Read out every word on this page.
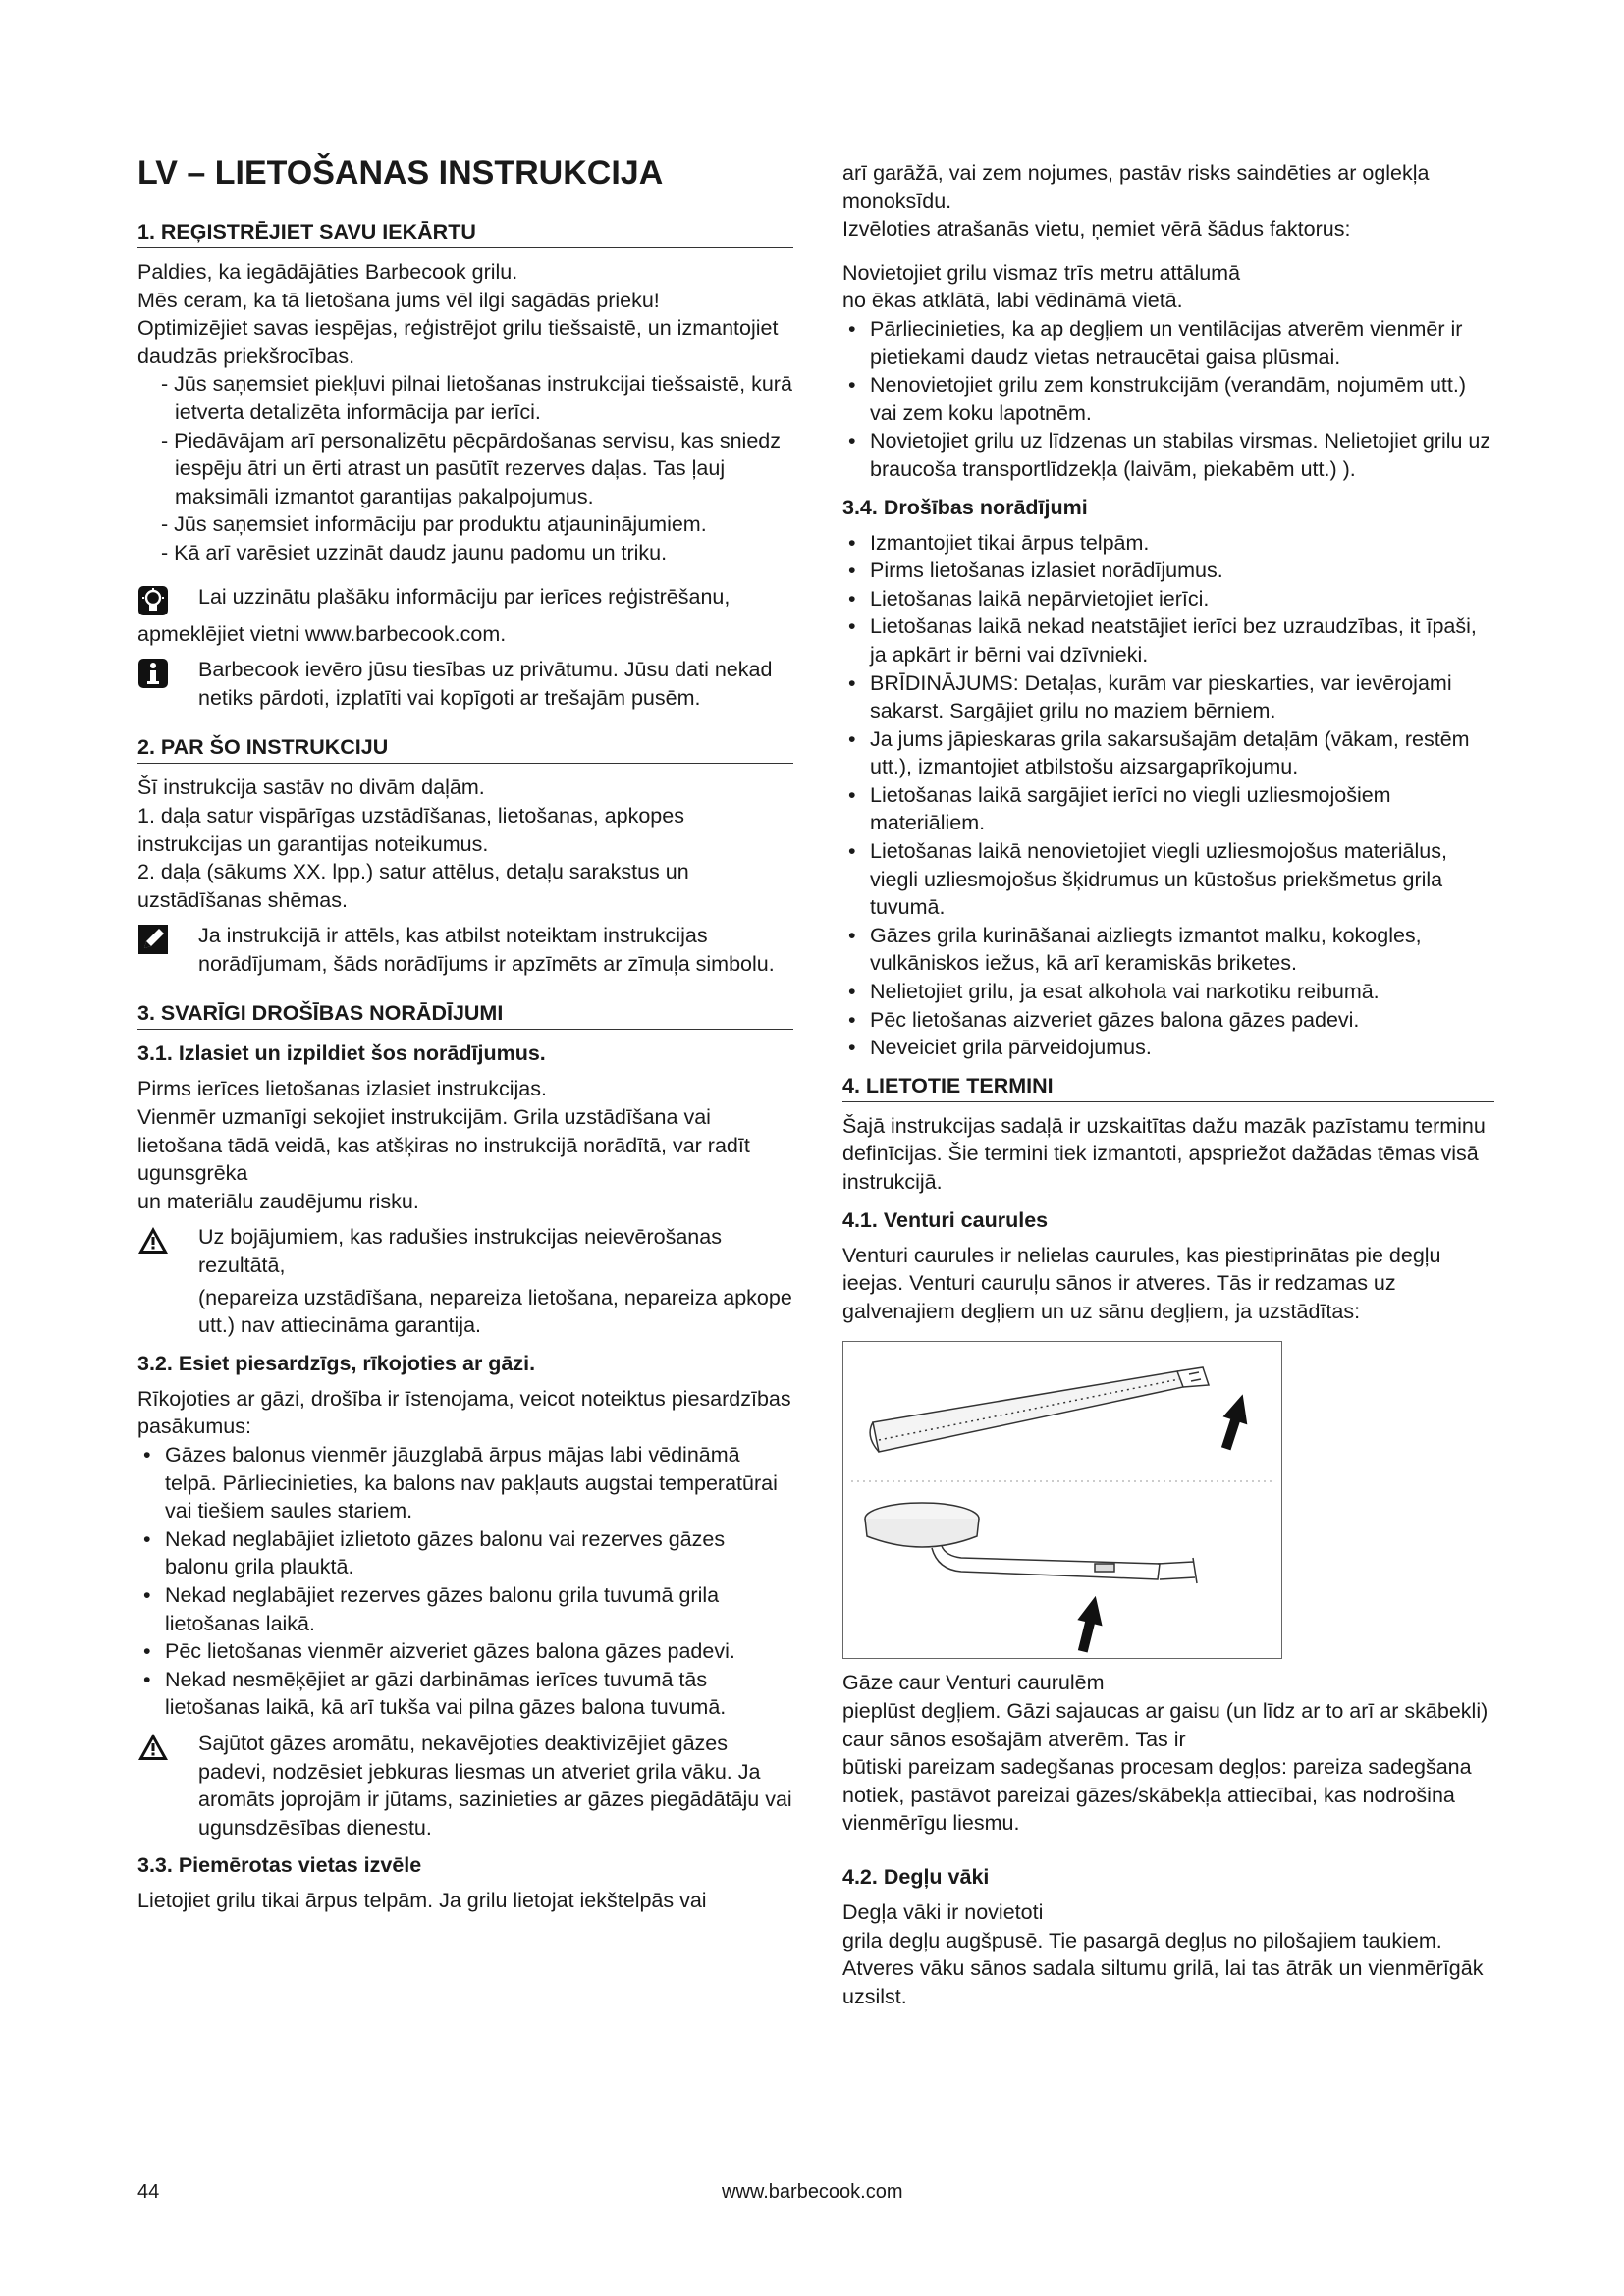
LV – LIETOŠANAS INSTRUKCIJA
1. REĢISTRĒJIET SAVU IEKĀRTU

Paldies, ka iegādājāties Barbecook grilu.

Mēs ceram, ka tā lietošana jums vēl ilgi sagādās prieku!

Optimizējiet savas iespējas, reģistrējot grilu tiešsaistē, un izmantojiet daudzās priekšrocības.

- Jūs saņemsiet piekļuvi pilnai lietošanas instrukcijai tiešsaistē, kurā ietverta detalizēta informācija par ierīci.
- Piedāvājam arī personalizētu pēcpārdošanas servisu, kas sniedz iespēju ātri un ērti atrast un pasūtīt rezerves daļas. Tas ļauj maksimāli izmantot garantijas pakalpojumus.
- Jūs saņemsiet informāciju par produktu atjauninājumiem.
- Kā arī varēsiet uzzināt daudz jaunu padomu un triku.
Lai uzzinātu plašāku informāciju par ierīces reģistrēšanu,

apmeklējiet vietni www.barbecook.com.

Barbecook ievēro jūsu tiesības uz privātumu. Jūsu dati nekad netiks pārdoti, izplatīti vai kopīgoti ar trešajām pusēm.
2. PAR ŠO INSTRUKCIJU

Šī instrukcija sastāv no divām daļām.

1. daļa satur vispārīgas uzstādīšanas, lietošanas, apkopes instrukcijas un garantijas noteikumus.

2. daļa (sākums XX. lpp.) satur attēlus, detaļu sarakstus un uzstādīšanas shēmas.

Ja instrukcijā ir attēls, kas atbilst noteiktam instrukcijas norādījumam, šāds norādījums ir apzīmēts ar zīmuļa simbolu.
3. SVARĪGI DROŠĪBAS NORĀDĪJUMI
3.1. Izlasiet un izpildiet šos norādījumus.

Pirms ierīces lietošanas izlasiet instrukcijas.

Vienmēr uzmanīgi sekojiet instrukcijām. Grila uzstādīšana vai lietošana tādā veidā, kas atšķiras no instrukcijā norādītā, var radīt ugunsgrēka

un materiālu zaudējumu risku.

Uz bojājumiem, kas radušies instrukcijas neievērošanas rezultātā,

(nepareiza uzstādīšana, nepareiza lietošana, nepareiza apkope utt.) nav attiecināma garantija.

3.2. Esiet piesardzīgs, rīkojoties ar gāzi.

Rīkojoties ar gāzi, drošība ir īstenojama, veicot noteiktus piesardzības pasākumus:

• Gāzes balonus vienmēr jāuzglabā ārpus mājas labi vēdināmā telpā. Pārliecinieties, ka balons nav pakļauts augstai temperatūrai vai tiešiem saules stariem.
• Nekad neglabājiet izlietoto gāzes balonu vai rezerves gāzes balonu grila plauktā.
• Nekad neglabājiet rezerves gāzes balonu grila tuvumā grila lietošanas laikā.
• Pēc lietošanas vienmēr aizveriet gāzes balona gāzes padevi.
• Nekad nesmēķējiet ar gāzi darbināmas ierīces tuvumā tās lietošanas laikā, kā arī tukša vai pilna gāzes balona tuvumā.
Sajūtot gāzes aromātu, nekavējoties deaktivizējiet gāzes padevi, nodzēsiet jebkuras liesmas un atveriet grila vāku. Ja aromāts joprojām ir jūtams, sazinieties ar gāzes piegādātāju vai ugunsdzēsības dienestu.
3.3. Piemērotas vietas izvēle

Lietojiet grilu tikai ārpus telpām. Ja grilu lietojat iekštelpās vai

arī garāžā, vai zem nojumes, pastāv risks saindēties ar oglekļa monoksīdu.

Izvēloties atrašanās vietu, ņemiet vērā šādus faktorus:

Novietojiet grilu vismaz trīs metru attālumā

no ēkas atklātā, labi vēdināmā vietā.

• Pārliecinieties, ka ap degļiem un ventilācijas atverēm vienmēr ir pietiekami daudz vietas netraucētai gaisa plūsmai.
• Nenovietojiet grilu zem konstrukcijām (verandām, nojumēm utt.) vai zem koku lapotnēm.
• Novietojiet grilu uz līdzenas un stabilas virsmas. Nelietojiet grilu uz braucoša transportlīdzekļa (laivām, piekabēm utt.) ).
3.4. Drošības norādījumi
• Izmantojiet tikai ārpus telpām.
• Pirms lietošanas izlasiet norādījumus.
• Lietošanas laikā nepārvietojiet ierīci.
• Lietošanas laikā nekad neatstājiet ierīci bez uzraudzības, it īpaši, ja apkārt ir bērni vai dzīvnieki.
• BRĪDINĀJUMS: Detaļas, kurām var pieskarties, var ievērojami sakarst. Sargājiet grilu no maziem bērniem.
• Ja jums jāpieskaras grila sakarsušajām detaļām (vākam, restēm utt.), izmantojiet atbilstošu aizsargaprīkojumu.
• Lietošanas laikā sargājiet ierīci no viegli uzliesmojošiem materiāliem.
• Lietošanas laikā nenovietojiet viegli uzliesmojošus materiālus, viegli uzliesmojošus šķidrumus un kūstošus priekšmetus grila tuvumā.
• Gāzes grila kurināšanai aizliegts izmantot malku, kokogles, vulkāniskos iežus, kā arī keramiskās briketes.
• Nelietojiet grilu, ja esat alkohola vai narkotiku reibumā.
• Pēc lietošanas aizveriet gāzes balona gāzes padevi.
• Neveiciet grila pārveidojumus.
4. LIETOTIE TERMINI

Šajā instrukcijas sadaļā ir uzskaitītas dažu mazāk pazīstamu terminu definīcijas. Šie termini tiek izmantoti, apspriežot dažādas tēmas visā instrukcijā.

4.1. Venturi caurules

Venturi caurules ir nelielas caurules, kas piestiprinātas pie degļu ieejas. Venturi cauruļu sānos ir atveres. Tās ir redzamas uz galvenajiem degļiem un uz sānu degļiem, ja uzstādītas:

Gāze caur Venturi caurulēm

pieplūst degļiem. Gāzi sajaucas ar gaisu (un līdz ar to arī ar skābekli)

caur sānos esošajām atverēm. Tas ir

būtiski pareizam sadegšanas procesam degļos: pareiza sadegšana notiek, pastāvot pareizai gāzes/skābekļa attiecībai, kas nodrošina vienmērīgu liesmu.

4.2. Degļu vāki

Degļa vāki ir novietoti

grila degļu augšpusē. Tie pasargā degļus no pilošajiem taukiem. Atveres vāku sānos sadala siltumu grilā, lai tas ātrāk un vienmērīgāk uzsilst.

44	www.barbecook.com
